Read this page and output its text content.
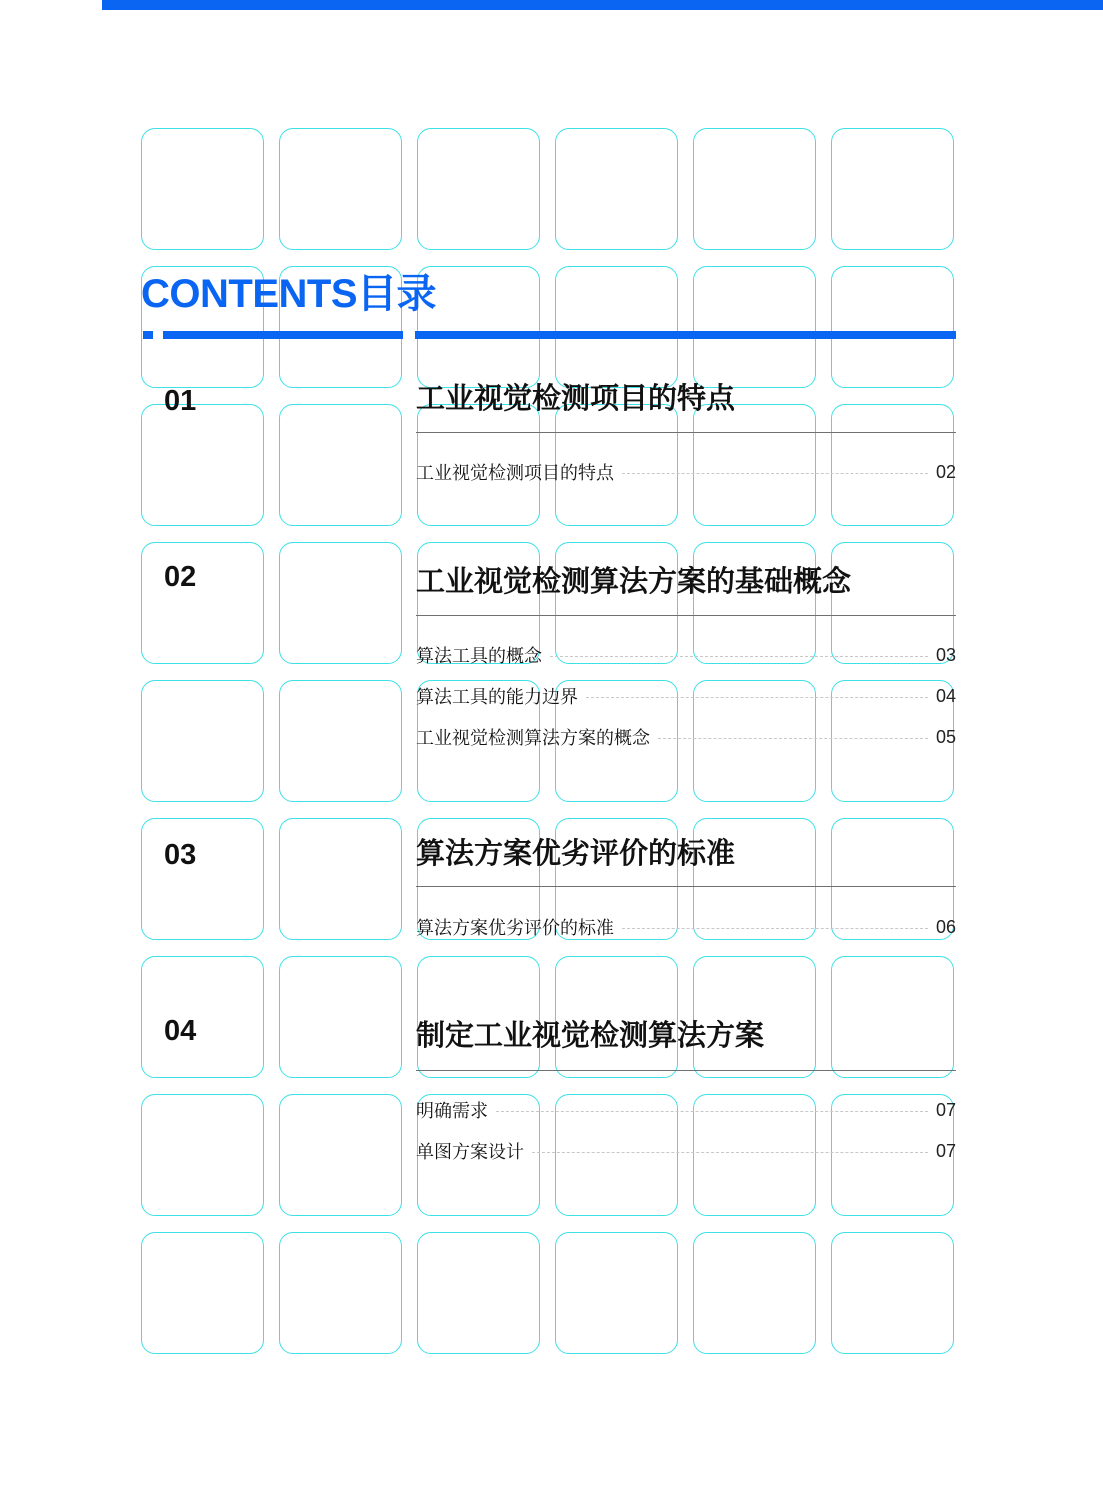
CONTENTS目录
01	工业视觉检测项目的特点
工业视觉检测项目的特点	02
02	工业视觉检测算法方案的基础概念
算法工具的概念	03
算法工具的能力边界	04
工业视觉检测算法方案的概念	05
03	算法方案优劣评价的标准
算法方案优劣评价的标准	06
04	制定工业视觉检测算法方案
明确需求	07
单图方案设计	07
